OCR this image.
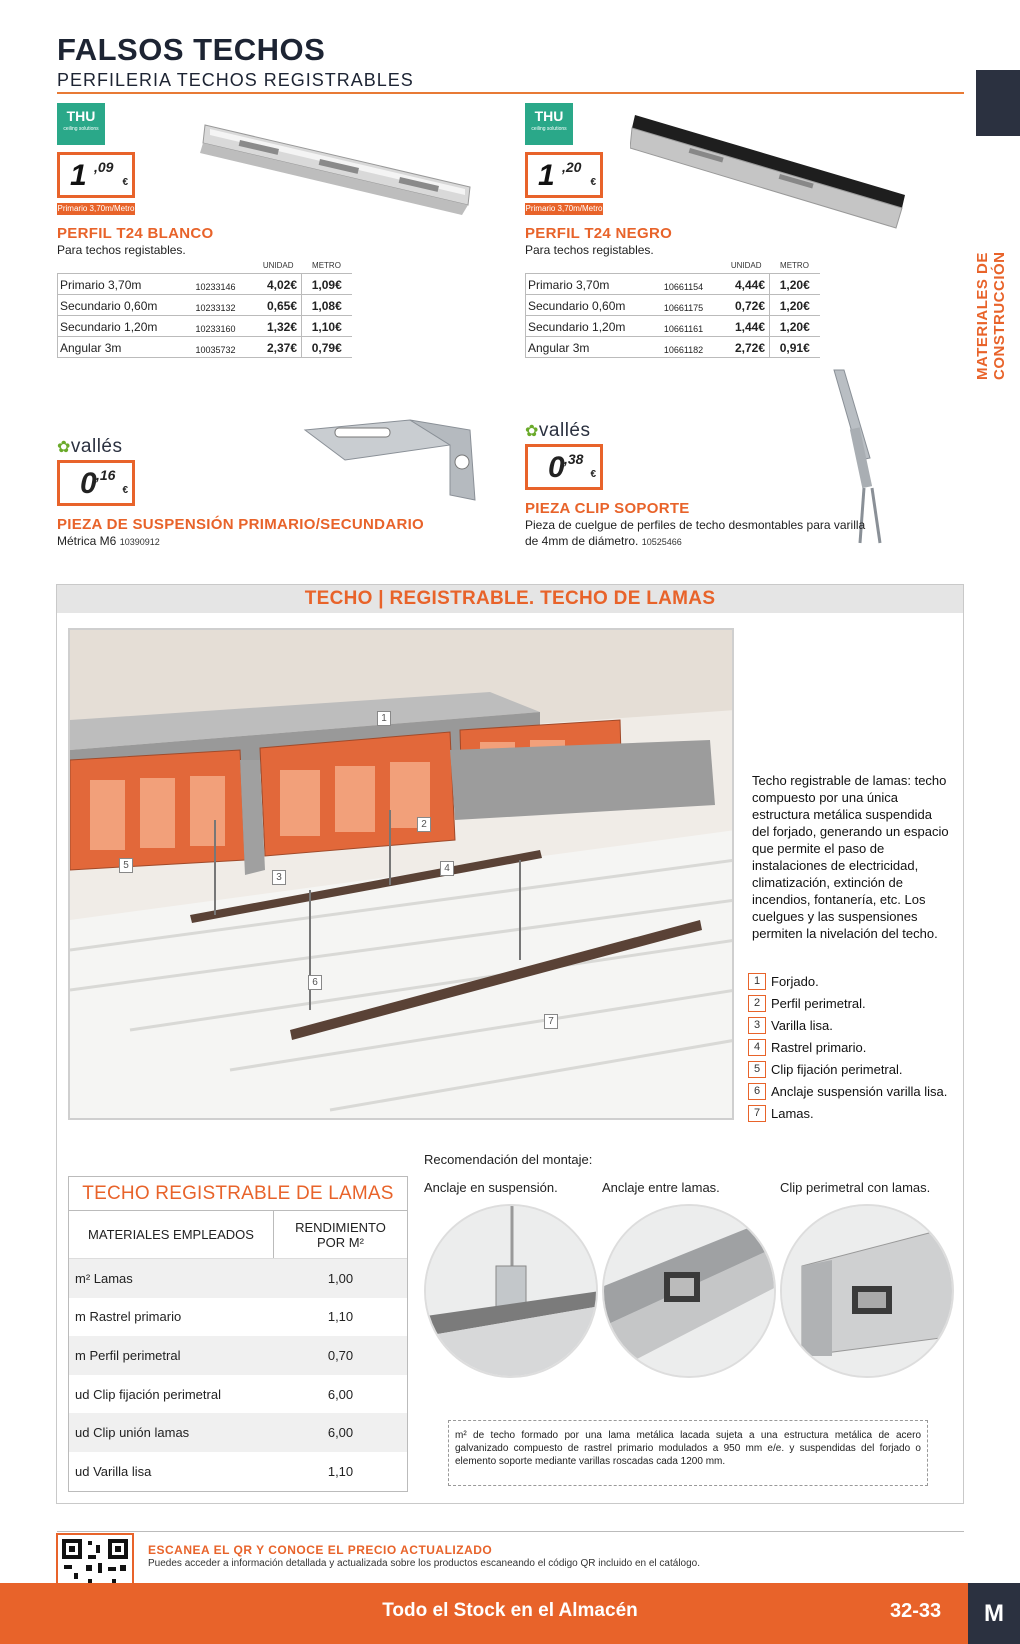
FALSOS TECHOS
PERFILERIA TECHOS REGISTRABLES
MATERIALES DE CONSTRUCCIÓN
THU
ceiling solutions
1 ,09
€
Primario 3,70m/Metro
PERFIL T24 BLANCO
Para techos registables.
		UNIDAD	METRO
Primario 3,70m	10233146	4,02€	1,09€
Secundario 0,60m	10233132	0,65€	1,08€
Secundario 1,20m	10233160	1,32€	1,10€
Angular 3m	10035732	2,37€	0,79€
THU
ceiling solutions
1 ,20
€
Primario 3,70m/Metro
PERFIL T24 NEGRO
Para techos registables.
		UNIDAD	METRO
Primario 3,70m	10661154	4,44€	1,20€
Secundario 0,60m	10661175	0,72€	1,20€
Secundario 1,20m	10661161	1,44€	1,20€
Angular 3m	10661182	2,72€	0,91€
✿vallés
0 ,16
€
PIEZA DE SUSPENSIÓN PRIMARIO/SECUNDARIO
Métrica M6 10390912
✿vallés
0 ,38
€
PIEZA CLIP SOPORTE
Pieza de cuelgue de perfiles de techo desmontables para varilla
de 4mm de diámetro. 10525466
TECHO | REGISTRABLE. TECHO DE LAMAS
1
2
3
4
5
6
7
Techo registrable de lamas: techo compuesto por una única estructura metálica suspendida del forjado, generando un espacio que permite el paso de instalaciones de electricidad, climatización, extinción de incendios, fontanería, etc. Los cuelgues y las suspensiones permiten la nivelación del techo.
1 Forjado.
2 Perfil perimetral.
3 Varilla lisa.
4 Rastrel primario.
5 Clip fijación perimetral.
6 Anclaje suspensión varilla lisa.
7 Lamas.
TECHO REGISTRABLE DE LAMAS
MATERIALES EMPLEADOS	RENDIMIENTO
POR M²
m² Lamas	1,00
m Rastrel primario	1,10
m Perfil perimetral	0,70
ud Clip fijación perimetral	6,00
ud Clip unión lamas	6,00
ud Varilla lisa	1,10
Recomendación del montaje:
Anclaje en suspensión.	Anclaje entre lamas.	Clip perimetral con lamas.
m² de techo formado por una lama metálica lacada sujeta a una estructura metálica de acero galvanizado compuesto de rastrel primario modulados a 950 mm e/e. y suspendidas del forjado o elemento soporte mediante varillas roscadas cada 1200 mm.
ESCANEA EL QR Y CONOCE EL PRECIO ACTUALIZADO
Puedes acceder a información detallada y actualizada sobre los productos escaneando el código QR incluido en el catálogo.
Todo el Stock en el Almacén	32-33	M
